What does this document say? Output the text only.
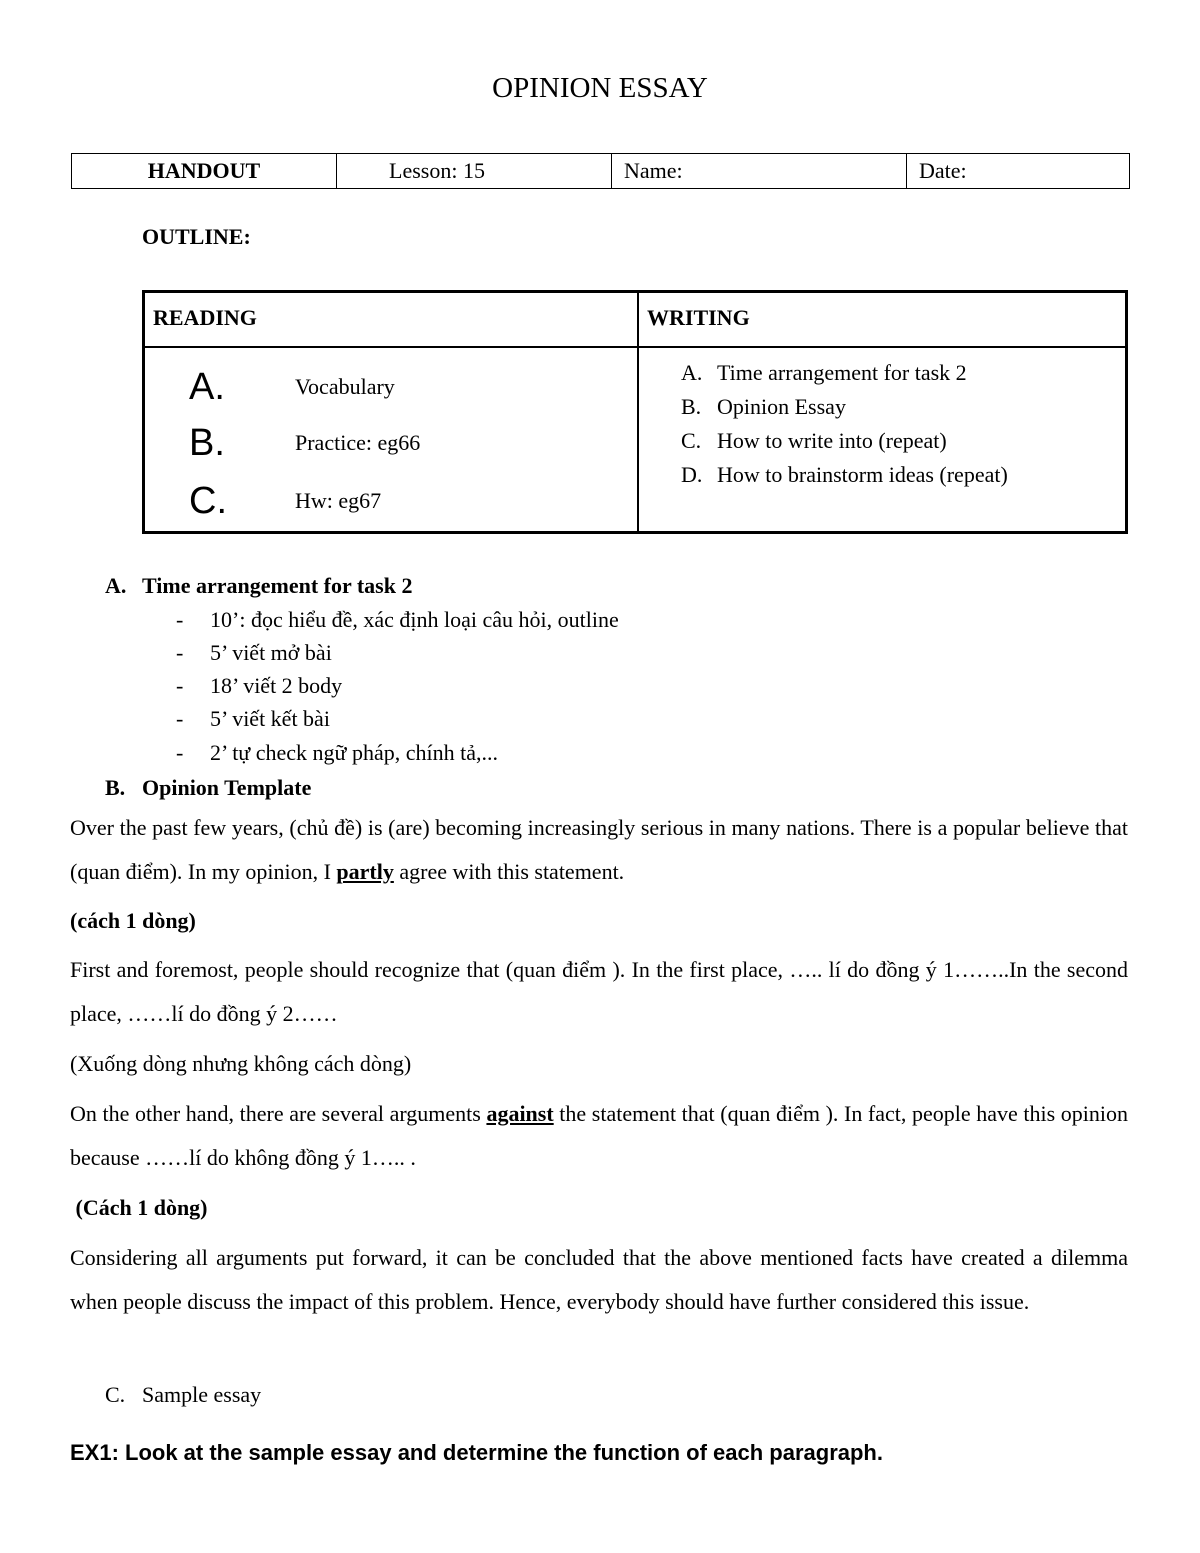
OPINION ESSAY
HANDOUT	Lesson: 15	Name:	Date:
OUTLINE:
READING	WRITING
A.	Vocabulary
B.	Practice: eg66
C.	Hw: eg67
A. Time arrangement for task 2
B. Opinion Essay
C. How to write into (repeat)
D. How to brainstorm ideas (repeat)
A. Time arrangement for task 2
- 10’: đọc hiểu đề, xác định loại câu hỏi, outline
- 5’ viết mở bài
- 18’ viết 2 body
- 5’ viết kết bài
- 2’ tự check ngữ pháp, chính tả,...
B. Opinion Template
Over the past few years, (chủ đề) is (are) becoming increasingly serious in many nations. There is a popular believe that (quan điểm). In my opinion, I partly agree with this statement.
(cách 1 dòng)
First and foremost, people should recognize that (quan điểm ). In the first place, ….. lí do đồng ý 1……..In the second place, ……lí do đồng ý 2……
(Xuống dòng nhưng không cách dòng)
On the other hand, there are several arguments against the statement that (quan điểm ). In fact, people have this opinion because ……lí do không đồng ý 1….. .
(Cách 1 dòng)
Considering all arguments put forward, it can be concluded that the above mentioned facts have created a dilemma when people discuss the impact of this problem. Hence, everybody should have further considered this issue.
C. Sample essay
EX1: Look at the sample essay and determine the function of each paragraph.
